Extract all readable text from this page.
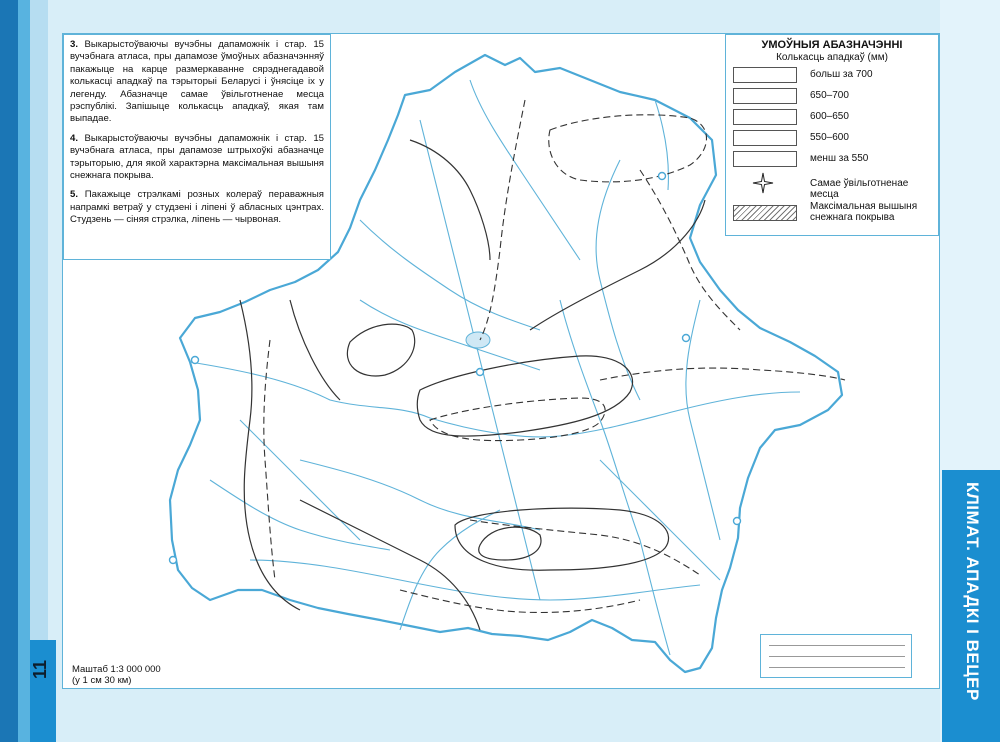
11	КЛІМАТ. АПАДКІ І ВЕЦЕР

3. Выкарыстоўваючы вучэбны дапаможнік і стар. 15 вучэбнага атласа, пры дапамозе ўмоўных абазначэнняў пакажыце на карце размеркаванне сярэднегадавой колькасці ападкаў па тэрыторыі Беларусі і ўнясіце іх у легенду. Абазначце самае ўвільготненае месца рэспублікі. Запішыце колькасць ападкаў, якая там выпадае.

4. Выкарыстоўваючы вучэбны дапаможнік і стар. 15 вучэбнага атласа, пры дапамозе штрыхоўкі абазначце тэрыторыю, для якой характэрна максімальная вышыня снежнага покрыва.

5. Пакажыце стрэлкамі розных колераў пераважныя напрамкі ветраў у студзені і ліпені ў абласных цэнтрах. Студзень — сіняя стрэлка, ліпень — чырвоная.

УМОЎНЫЯ АБАЗНАЧЭННІ
Колькасць ападкаў (мм)
больш за 700
650–700
600–650
550–600
менш за 550
Самае ўвільготненае месца
Максімальная вышыня снежнага покрыва
Маштаб 1:3 000 000
(у 1 см 30 км)
